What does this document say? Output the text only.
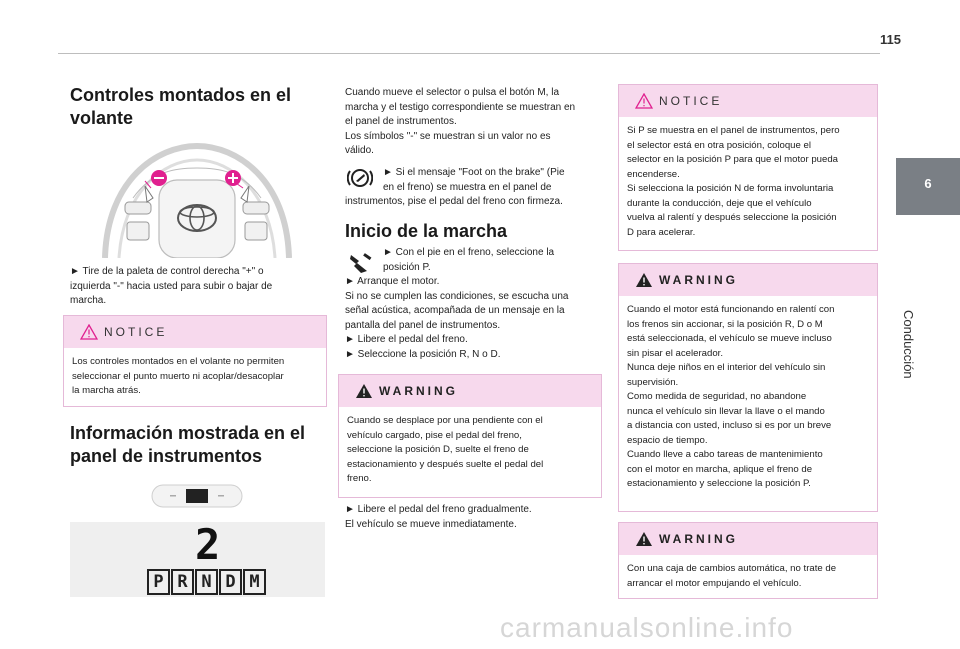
115
6
Conducción
Controles montados en el
volante
► Tire de la paleta de control derecha "+" o
izquierda "-" hacia usted para subir o bajar de
marcha.
NOTICE
Los controles montados en el volante no permiten
seleccionar el punto muerto ni acoplar/desacoplar
la marcha atrás.
Información mostrada en el
panel de instrumentos
2
P R N D M
Cuando mueve el selector o pulsa el botón M, la
marcha y el testigo correspondiente se muestran en
el panel de instrumentos.
Los símbolos "-" se muestran si un valor no es
válido.
► Si el mensaje "Foot on the brake" (Pie
en el freno) se muestra en el panel de
instrumentos, pise el pedal del freno con firmeza.
Inicio de la marcha
► Con el pie en el freno, seleccione la
posición P.
► Arranque el motor.
Si no se cumplen las condiciones, se escucha una
señal acústica, acompañada de un mensaje en la
pantalla del panel de instrumentos.
► Libere el pedal del freno.
► Seleccione la posición R, N o D.
WARNING
Cuando se desplace por una pendiente con el
vehículo cargado, pise el pedal del freno,
seleccione la posición D, suelte el freno de
estacionamiento y después suelte el pedal del
freno.
► Libere el pedal del freno gradualmente.
El vehículo se mueve inmediatamente.
NOTICE
Si P se muestra en el panel de instrumentos, pero
el selector está en otra posición, coloque el
selector en la posición P para que el motor pueda
encenderse.
Si selecciona la posición N de forma involuntaria
durante la conducción, deje que el vehículo
vuelva al ralentí y después seleccione la posición
D para acelerar.
WARNING
Cuando el motor está funcionando en ralentí con
los frenos sin accionar, si la posición R, D o M
está seleccionada, el vehículo se mueve incluso
sin pisar el acelerador.
Nunca deje niños en el interior del vehículo sin
supervisión.
Como medida de seguridad, no abandone
nunca el vehículo sin llevar la llave o el mando
a distancia con usted, incluso si es por un breve
espacio de tiempo.
Cuando lleve a cabo tareas de mantenimiento
con el motor en marcha, aplique el freno de
estacionamiento y seleccione la posición P.
WARNING
Con una caja de cambios automática, no trate de
arrancar el motor empujando el vehículo.
carmanualsonline.info
